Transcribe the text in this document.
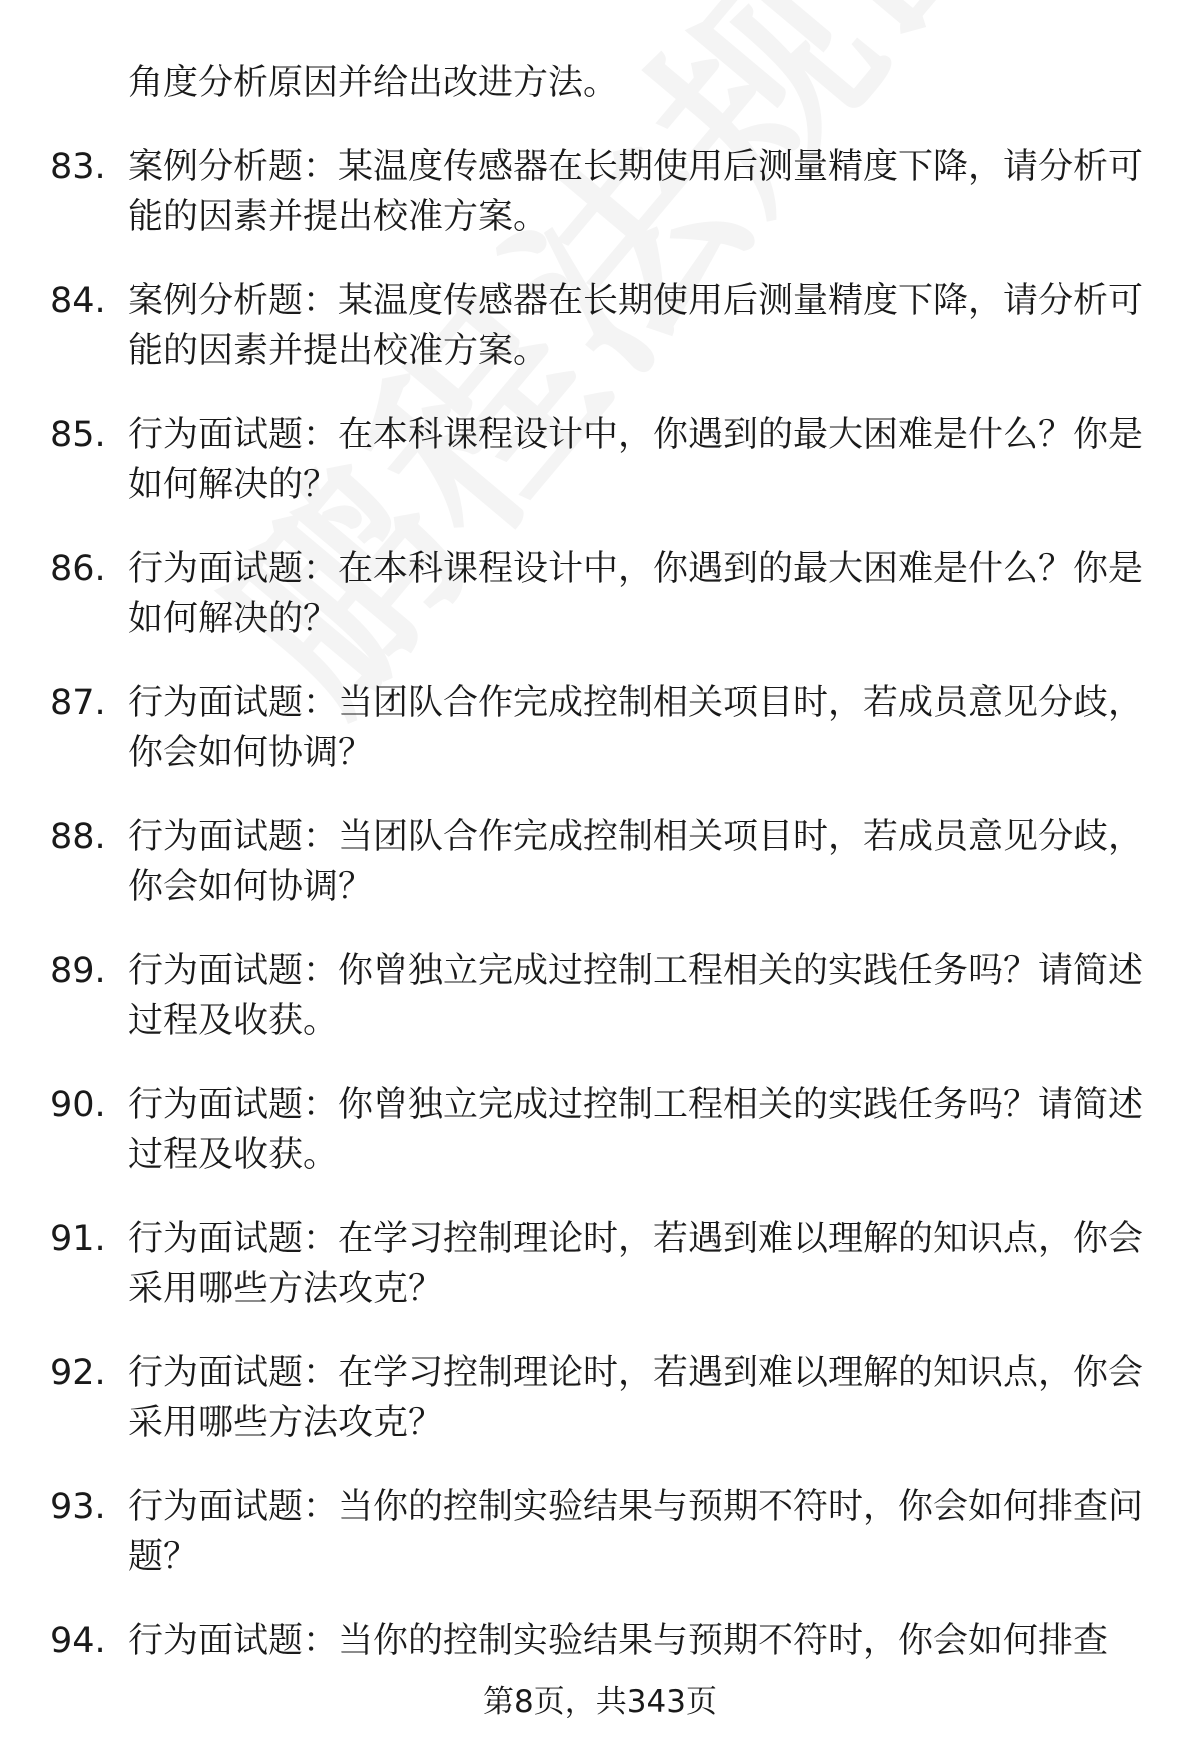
角度分析原因并给出改进方法。
83. 案例分析题：某温度传感器在长期使用后测量精度下降，请分析可能的因素并提出校准方案。
84. 案例分析题：某温度传感器在长期使用后测量精度下降，请分析可能的因素并提出校准方案。
85. 行为面试题：在本科课程设计中，你遇到的最大困难是什么？你是如何解决的？
86. 行为面试题：在本科课程设计中，你遇到的最大困难是什么？你是如何解决的？
87. 行为面试题：当团队合作完成控制相关项目时，若成员意见分歧，你会如何协调？
88. 行为面试题：当团队合作完成控制相关项目时，若成员意见分歧，你会如何协调？
89. 行为面试题：你曾独立完成过控制工程相关的实践任务吗？请简述过程及收获。
90. 行为面试题：你曾独立完成过控制工程相关的实践任务吗？请简述过程及收获。
91. 行为面试题：在学习控制理论时，若遇到难以理解的知识点，你会采用哪些方法攻克？
92. 行为面试题：在学习控制理论时，若遇到难以理解的知识点，你会采用哪些方法攻克？
93. 行为面试题：当你的控制实验结果与预期不符时，你会如何排查问题？
94. 行为面试题：当你的控制实验结果与预期不符时，你会如何排查
第8页，共343页
